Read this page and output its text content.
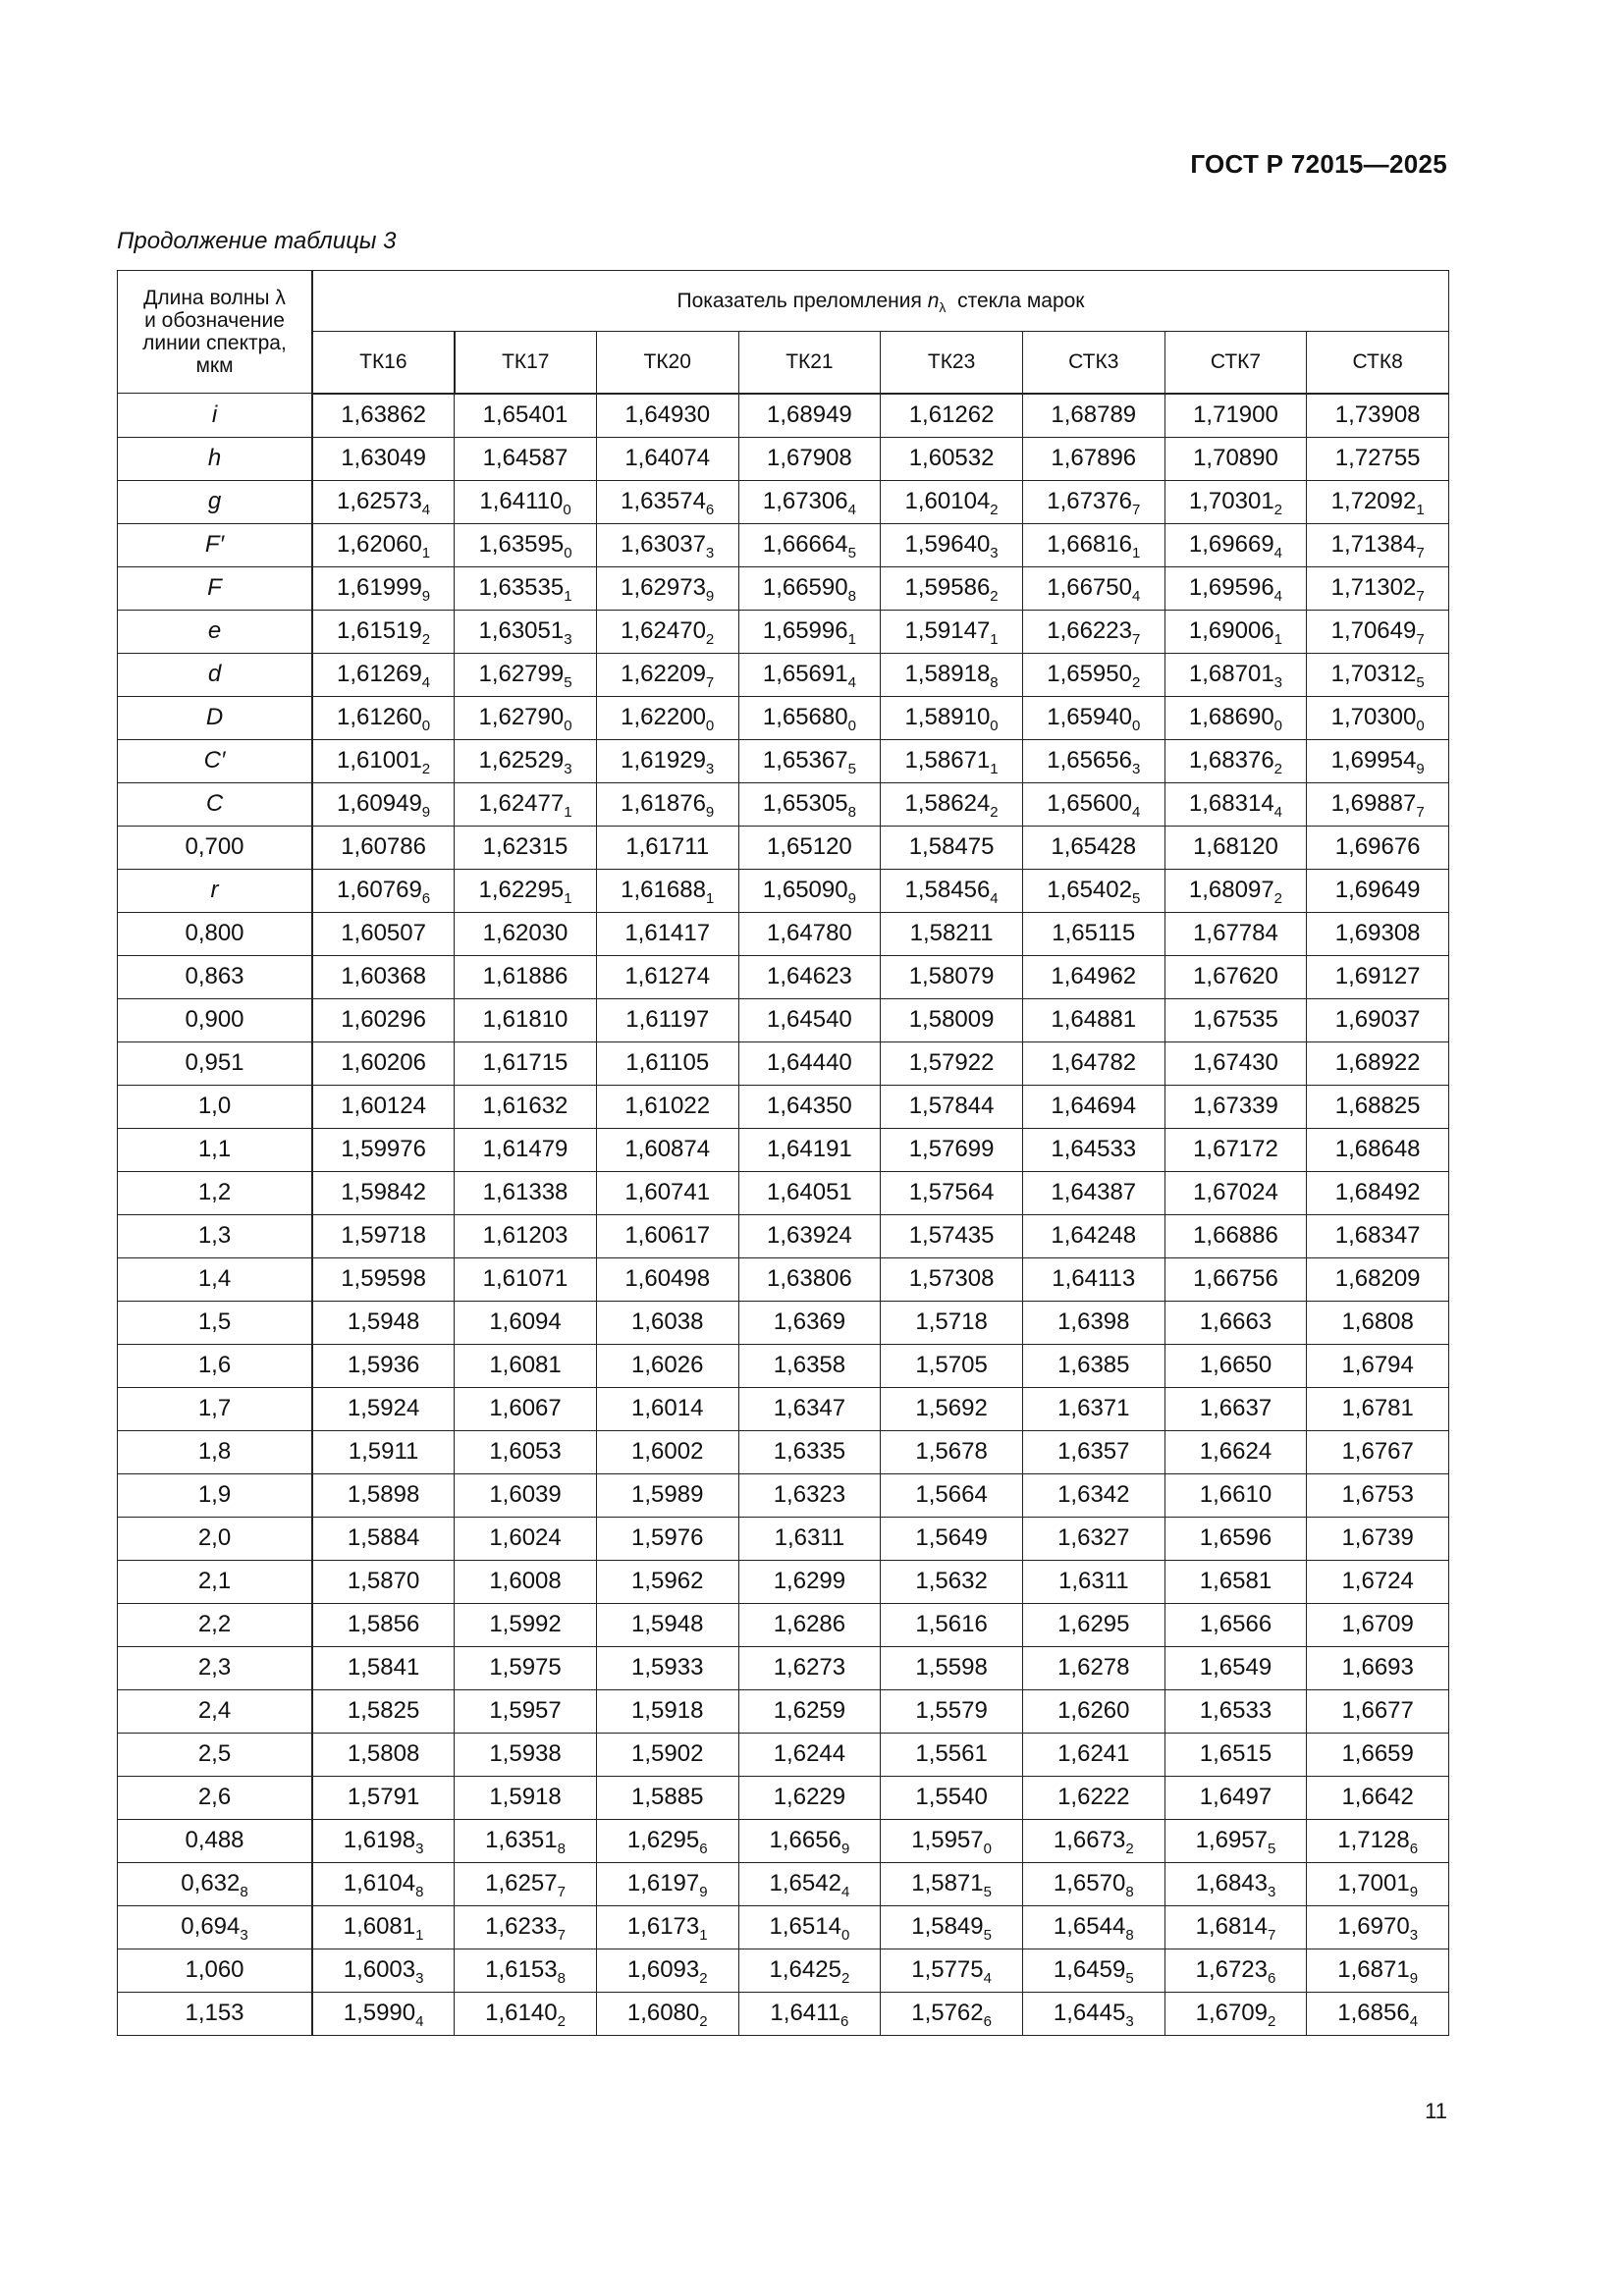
ГОСТ Р 72015—2025
Продолжение таблицы 3
Длина волны λ
и обозначение
линии спектра,
мкм	Показатель преломления $n_\lambda$  стекла марок							
	ТК16	ТК17	ТК20	ТК21	ТК23	СТК3	СТК7	СТК8
i	1,63862	1,65401	1,64930	1,68949	1,61262	1,68789	1,71900	1,73908
h	1,63049	1,64587	1,64074	1,67908	1,60532	1,67896	1,70890	1,72755
g	$1,62573_4$	$1,64110_0$	$1,63574_6$	$1,67306_4$	$1,60104_2$	$1,67376_7$	$1,70301_2$	$1,72092_1$
F′	$1,62060_1$	$1,63595_0$	$1,63037_3$	$1,66664_5$	$1,59640_3$	$1,66816_1$	$1,69669_4$	$1,71384_7$
F	$1,61999_9$	$1,63535_1$	$1,62973_9$	$1,66590_8$	$1,59586_2$	$1,66750_4$	$1,69596_4$	$1,71302_7$
e	$1,61519_2$	$1,63051_3$	$1,62470_2$	$1,65996_1$	$1,59147_1$	$1,66223_7$	$1,69006_1$	$1,70649_7$
d	$1,61269_4$	$1,62799_5$	$1,62209_7$	$1,65691_4$	$1,58918_8$	$1,65950_2$	$1,68701_3$	$1,70312_5$
D	$1,61260_0$	$1,62790_0$	$1,62200_0$	$1,65680_0$	$1,58910_0$	$1,65940_0$	$1,68690_0$	$1,70300_0$
C′	$1,61001_2$	$1,62529_3$	$1,61929_3$	$1,65367_5$	$1,58671_1$	$1,65656_3$	$1,68376_2$	$1,69954_9$
C	$1,60949_9$	$1,62477_1$	$1,61876_9$	$1,65305_8$	$1,58624_2$	$1,65600_4$	$1,68314_4$	$1,69887_7$
0,700	1,60786	1,62315	1,61711	1,65120	1,58475	1,65428	1,68120	1,69676
r	$1,60769_6$	$1,62295_1$	$1,61688_1$	$1,65090_9$	$1,58456_4$	$1,65402_5$	$1,68097_2$	1,69649
0,800	1,60507	1,62030	1,61417	1,64780	1,58211	1,65115	1,67784	1,69308
0,863	1,60368	1,61886	1,61274	1,64623	1,58079	1,64962	1,67620	1,69127
0,900	1,60296	1,61810	1,61197	1,64540	1,58009	1,64881	1,67535	1,69037
0,951	1,60206	1,61715	1,61105	1,64440	1,57922	1,64782	1,67430	1,68922
1,0	1,60124	1,61632	1,61022	1,64350	1,57844	1,64694	1,67339	1,68825
1,1	1,59976	1,61479	1,60874	1,64191	1,57699	1,64533	1,67172	1,68648
1,2	1,59842	1,61338	1,60741	1,64051	1,57564	1,64387	1,67024	1,68492
1,3	1,59718	1,61203	1,60617	1,63924	1,57435	1,64248	1,66886	1,68347
1,4	1,59598	1,61071	1,60498	1,63806	1,57308	1,64113	1,66756	1,68209
1,5	1,5948	1,6094	1,6038	1,6369	1,5718	1,6398	1,6663	1,6808
1,6	1,5936	1,6081	1,6026	1,6358	1,5705	1,6385	1,6650	1,6794
1,7	1,5924	1,6067	1,6014	1,6347	1,5692	1,6371	1,6637	1,6781
1,8	1,5911	1,6053	1,6002	1,6335	1,5678	1,6357	1,6624	1,6767
1,9	1,5898	1,6039	1,5989	1,6323	1,5664	1,6342	1,6610	1,6753
2,0	1,5884	1,6024	1,5976	1,6311	1,5649	1,6327	1,6596	1,6739
2,1	1,5870	1,6008	1,5962	1,6299	1,5632	1,6311	1,6581	1,6724
2,2	1,5856	1,5992	1,5948	1,6286	1,5616	1,6295	1,6566	1,6709
2,3	1,5841	1,5975	1,5933	1,6273	1,5598	1,6278	1,6549	1,6693
2,4	1,5825	1,5957	1,5918	1,6259	1,5579	1,6260	1,6533	1,6677
2,5	1,5808	1,5938	1,5902	1,6244	1,5561	1,6241	1,6515	1,6659
2,6	1,5791	1,5918	1,5885	1,6229	1,5540	1,6222	1,6497	1,6642
0,488	$1,6198_3$	$1,6351_8$	$1,6295_6$	$1,6656_9$	$1,5957_0$	$1,6673_2$	$1,6957_5$	$1,7128_6$
$0,632_8$	$1,6104_8$	$1,6257_7$	$1,6197_9$	$1,6542_4$	$1,5871_5$	$1,6570_8$	$1,6843_3$	$1,7001_9$
$0,694_3$	$1,6081_1$	$1,6233_7$	$1,6173_1$	$1,6514_0$	$1,5849_5$	$1,6544_8$	$1,6814_7$	$1,6970_3$
1,060	$1,6003_3$	$1,6153_8$	$1,6093_2$	$1,6425_2$	$1,5775_4$	$1,6459_5$	$1,6723_6$	$1,6871_9$
1,153	$1,5990_4$	$1,6140_2$	$1,6080_2$	$1,6411_6$	$1,5762_6$	$1,6445_3$	$1,6709_2$	$1,6856_4$
11
